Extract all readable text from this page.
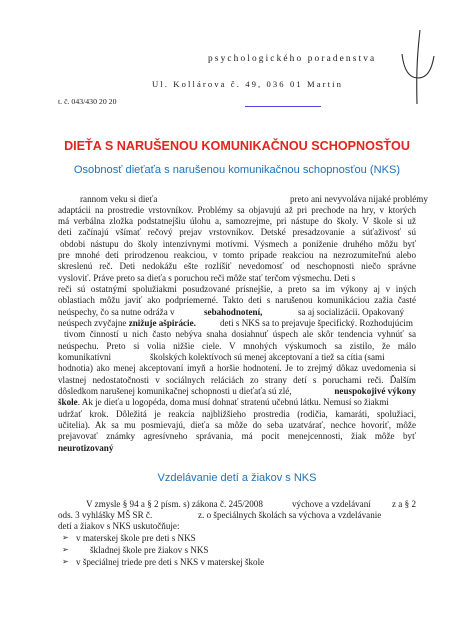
psychologického poradenstva
Ul. Kollárova č. 49, 036 01 Martin
t. č. 043/430 20 20
DIEŤA S NARUŠENOU KOMUNIKAČNOU SCHOPNOSŤOU
Osobnosť dieťaťa s narušenou komunikačnou schopnosťou (NKS)
rannom veku si dieťa	preto ani nevyvoláva nijaké problémy
adaptácii na prostredie vrstovníkov. Problémy sa objavujú až pri prechode na hry, v ktorých
má verbálna zložka podstatnejšiu úlohu a, samozrejme, pri nástupe do školy. V škole si už
deti začínajú všímať rečový prejav vrstovníkov. Detské presadzovanie a súťaživosť sú
obdobi nástupu do školy intenzívnymi motívmi. Výsmech a poníženie druhého môžu byť
pre mnohé deti prirodzenou reakciou, v tomto prípade reakciou na nezrozumiteľnú alebo
skreslenú reč. Deti nedokážu ešte rozlíšiť nevedomosť od neschopnosti niečo správne
vysloviť. Práve preto sa dieťa s poruchou reči môže stať terčom výsmechu. Deti s
reči sú ostatnými spolužiakmi posudzované prísnejšie, a preto sa im výkony aj v iných
oblastiach môžu javiť ako podpriemerné. Takto deti s narušenou komunikáciou zažia časté
neúspechy, čo sa nutne odráža v	sebahodnotení,	sa aj socializácii. Opakovaný
neúspech zvyčajne znižuje ašpirácie.	deti s NKS sa to prejavuje špecifický. Rozhodujúcim
tivom činností u nich často nebýva snaha dosiahnuť úspech ale skôr tendencia vyhnúť sa
neúspechu. Preto si volia nižšie ciele. V mnohých výskumoch sa zistilo, že málo
komunikatívni	školských kolektívoch sú menej akceptovaní a tiež sa cítia (sami
hodnotia) ako menej akceptovaní imyň a horšie hodnotení. Je to zrejmý dôkaz uvedomenia si
vlastnej nedostatočnosti v sociálnych reláciách zo strany detí s poruchami reči. Ďalším
dôsledkom narušenej komunikačnej schopnosti u dieťaťa sú zlé,	neuspokojivé výkony
škole. Ak je dieťa u logopéda, doma musí dohnať stratenú učebnú látku. Nemusí so žiakmi
udržať krok. Dôležitá je reakcia najbližšieho prostredia (rodičia, kamaráti, spolužiaci,
učitelia). Ak sa mu posmievajú, dieťa sa môže do seba uzatvárať, nechce hovoriť, môže
prejavovať známky agresívneho správania, má pocit menejcennosti, žiak môže byť
neurotizovaný
Vzdelávanie detí a žiakov s NKS
V zmysle § 94 a § 2 písm. s) zákona č. 245/2008	výchove a vzdelávaní z a § 2
ods. 3 vyhlášky MŠ SR č.	z. o špeciálnych školách sa výchova a vzdelávanie
detí a žiakov s NKS uskutočňuje:
➢ v materskej škole pre deti s NKS
➢ škladnej škole pre žiakov s NKS
➢ v špeciálnej triede pre deti s NKS v materskej škole
